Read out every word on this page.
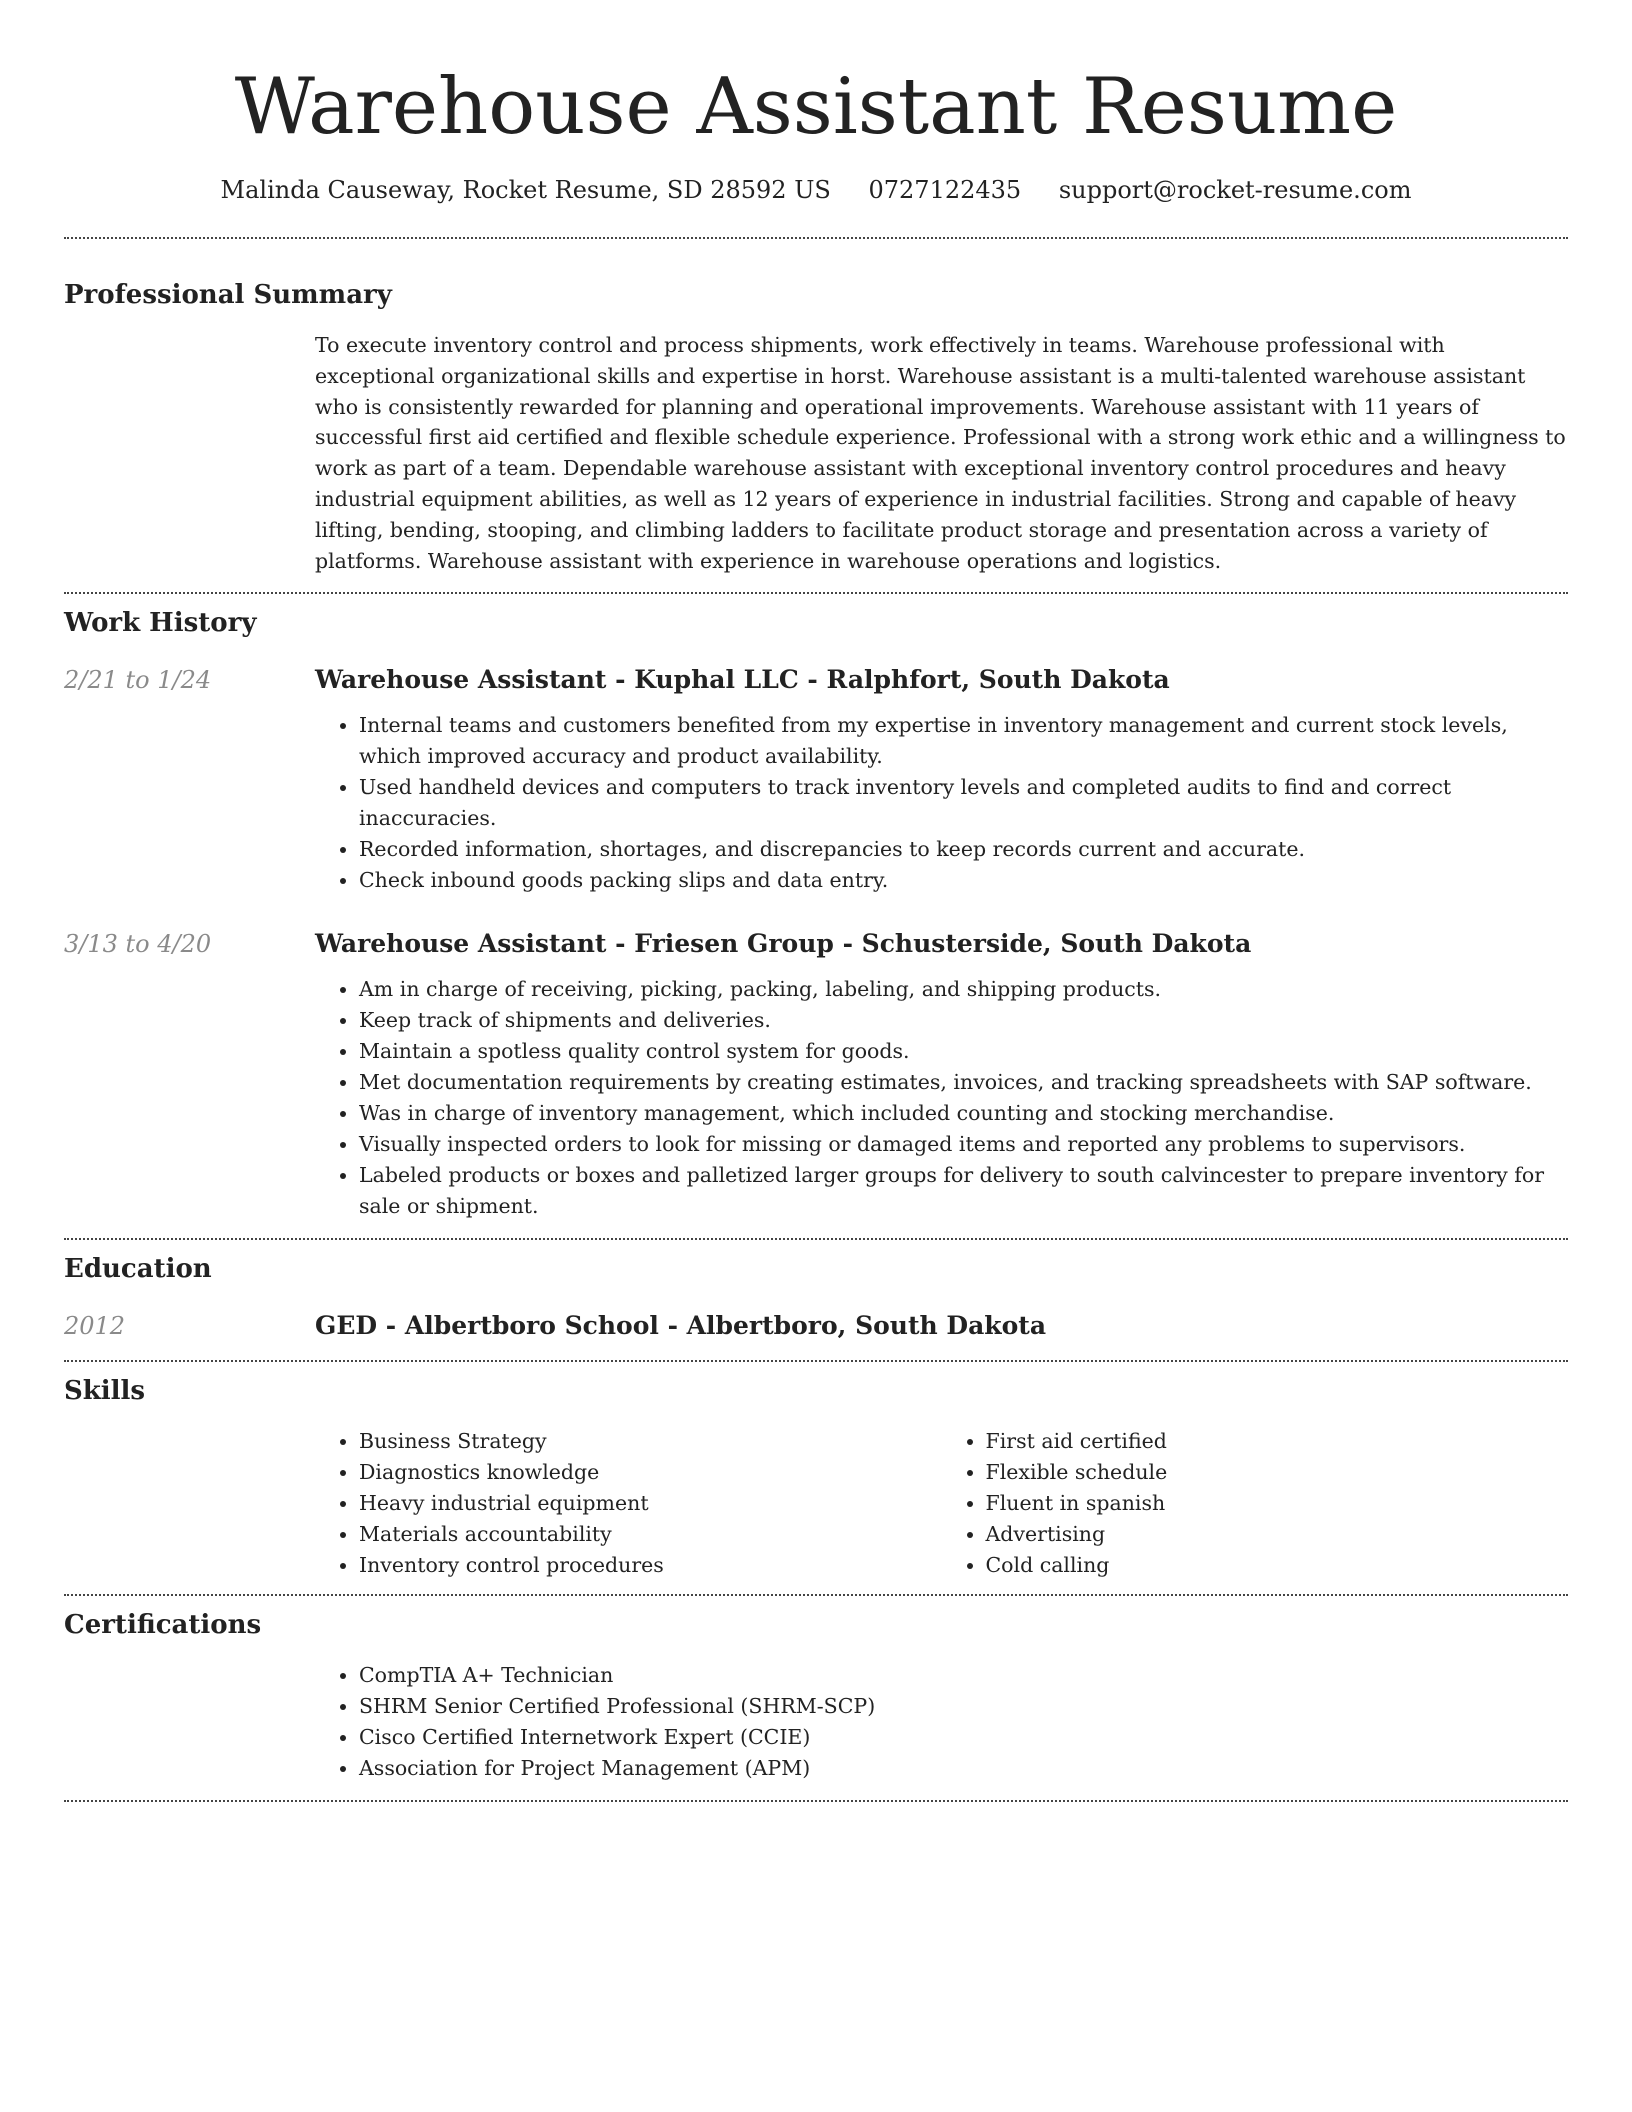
Warehouse Assistant Resume
Malinda Causeway, Rocket Resume, SD 28592 US 0727122435 support@rocket-resume.com
Professional Summary

To execute inventory control and process shipments, work effectively in teams. Warehouse professional with exceptional organizational skills and expertise in horst. Warehouse assistant is a multi-talented warehouse assistant who is consistently rewarded for planning and operational improvements. Warehouse assistant with 11 years of successful first aid certified and flexible schedule experience. Professional with a strong work ethic and a willingness to work as part of a team. Dependable warehouse assistant with exceptional inventory control procedures and heavy industrial equipment abilities, as well as 12 years of experience in industrial facilities. Strong and capable of heavy lifting, bending, stooping, and climbing ladders to facilitate product storage and presentation across a variety of platforms. Warehouse assistant with experience in warehouse operations and logistics.

Work History
2/21 to 1/24	Warehouse Assistant - Kuphal LLC - Ralphfort, South Dakota
• Internal teams and customers benefited from my expertise in inventory management and current stock levels, which improved accuracy and product availability.
• Used handheld devices and computers to track inventory levels and completed audits to find and correct inaccuracies.
• Recorded information, shortages, and discrepancies to keep records current and accurate.
• Check inbound goods packing slips and data entry.
3/13 to 4/20	Warehouse Assistant - Friesen Group - Schusterside, South Dakota
• Am in charge of receiving, picking, packing, labeling, and shipping products.
• Keep track of shipments and deliveries.
• Maintain a spotless quality control system for goods.
• Met documentation requirements by creating estimates, invoices, and tracking spreadsheets with SAP software.
• Was in charge of inventory management, which included counting and stocking merchandise.
• Visually inspected orders to look for missing or damaged items and reported any problems to supervisors.
• Labeled products or boxes and palletized larger groups for delivery to south calvincester to prepare inventory for sale or shipment.
Education
2012	GED - Albertboro School - Albertboro, South Dakota
Skills
• Business Strategy
• Diagnostics knowledge
• Heavy industrial equipment
• Materials accountability
• Inventory control procedures
• First aid certified
• Flexible schedule
• Fluent in spanish
• Advertising
• Cold calling
Certifications
• CompTIA A+ Technician
• SHRM Senior Certified Professional (SHRM-SCP)
• Cisco Certified Internetwork Expert (CCIE)
• Association for Project Management (APM)
